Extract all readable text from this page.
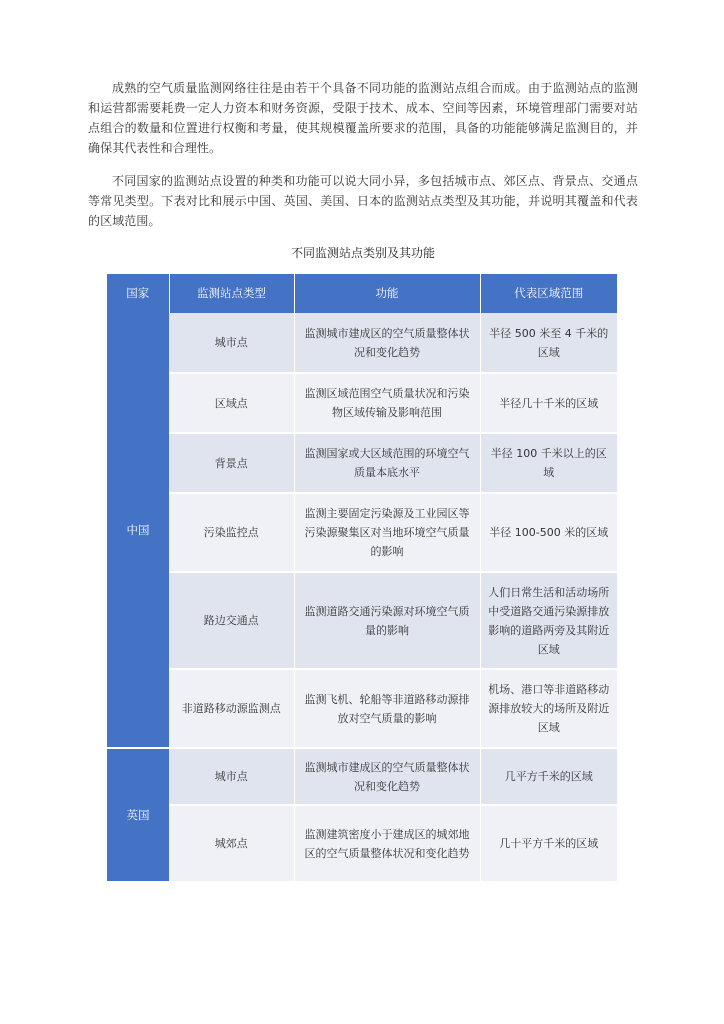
成熟的空气质量监测网络往往是由若干个具备不同功能的监测站点组合而成。由于监测站点的监测和运营都需要耗费一定人力资本和财务资源，受限于技术、成本、空间等因素，环境管理部门需要对站点组合的数量和位置进行权衡和考量，使其规模覆盖所要求的范围，具备的功能能够满足监测目的，并确保其代表性和合理性。

不同国家的监测站点设置的种类和功能可以说大同小异，多包括城市点、郊区点、背景点、交通点等常见类型。下表对比和展示中国、英国、美国、日本的监测站点类型及其功能，并说明其覆盖和代表的区域范围。

不同监测站点类别及其功能
国家	监测站点类型	功能	代表区域范围
中国	城市点	监测城市建成区的空气质量整体状况和变化趋势	半径 500 米至 4 千米的区域
	区域点	监测区域范围空气质量状况和污染物区域传输及影响范围	半径几十千米的区域
	背景点	监测国家或大区域范围的环境空气质量本底水平	半径 100 千米以上的区域
	污染监控点	监测主要固定污染源及工业园区等污染源聚集区对当地环境空气质量的影响	半径 100-500 米的区域
	路边交通点	监测道路交通污染源对环境空气质量的影响	人们日常生活和活动场所中受道路交通污染源排放影响的道路两旁及其附近区域
	非道路移动源监测点	监测飞机、轮船等非道路移动源排放对空气质量的影响	机场、港口等非道路移动源排放较大的场所及附近区域
英国	城市点	监测城市建成区的空气质量整体状况和变化趋势	几平方千米的区域
	城郊点	监测建筑密度小于建成区的城郊地区的空气质量整体状况和变化趋势	几十平方千米的区域
